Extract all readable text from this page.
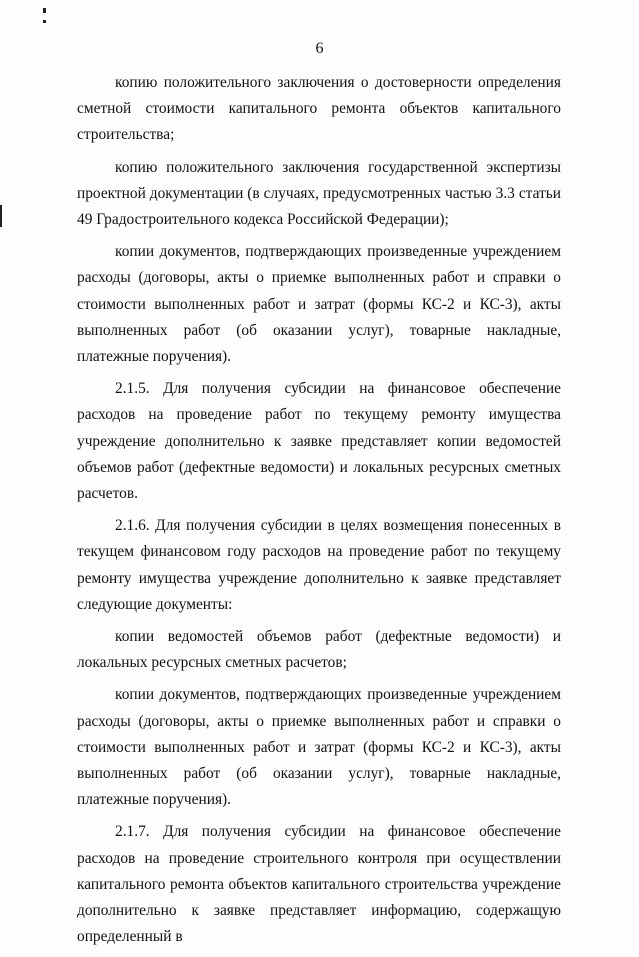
6

копию положительного заключения о достоверности определения сметной стоимости капитального ремонта объектов капитального строительства;

копию положительного заключения государственной экспертизы проектной документации (в случаях, предусмотренных частью 3.3 статьи 49 Градостроительного кодекса Российской Федерации);

копии документов, подтверждающих произведенные учреждением расходы (договоры, акты о приемке выполненных работ и справки о стоимости выполненных работ и затрат (формы КС-2 и КС-3), акты выполненных работ (об оказании услуг), товарные накладные, платежные поручения).

2.1.5. Для получения субсидии на финансовое обеспечение расходов на проведение работ по текущему ремонту имущества учреждение дополнительно к заявке представляет копии ведомостей объемов работ (дефектные ведомости) и локальных ресурсных сметных расчетов.

2.1.6. Для получения субсидии в целях возмещения понесенных в текущем финансовом году расходов на проведение работ по текущему ремонту имущества учреждение дополнительно к заявке представляет следующие документы:

копии ведомостей объемов работ (дефектные ведомости) и локальных ресурсных сметных расчетов;

копии документов, подтверждающих произведенные учреждением расходы (договоры, акты о приемке выполненных работ и справки о стоимости выполненных работ и затрат (формы КС-2 и КС-3), акты выполненных работ (об оказании услуг), товарные накладные, платежные поручения).

2.1.7. Для получения субсидии на финансовое обеспечение расходов на проведение строительного контроля при осуществлении капитального ремонта объектов капитального строительства учреждение дополнительно к заявке представляет информацию, содержащую определенный в
